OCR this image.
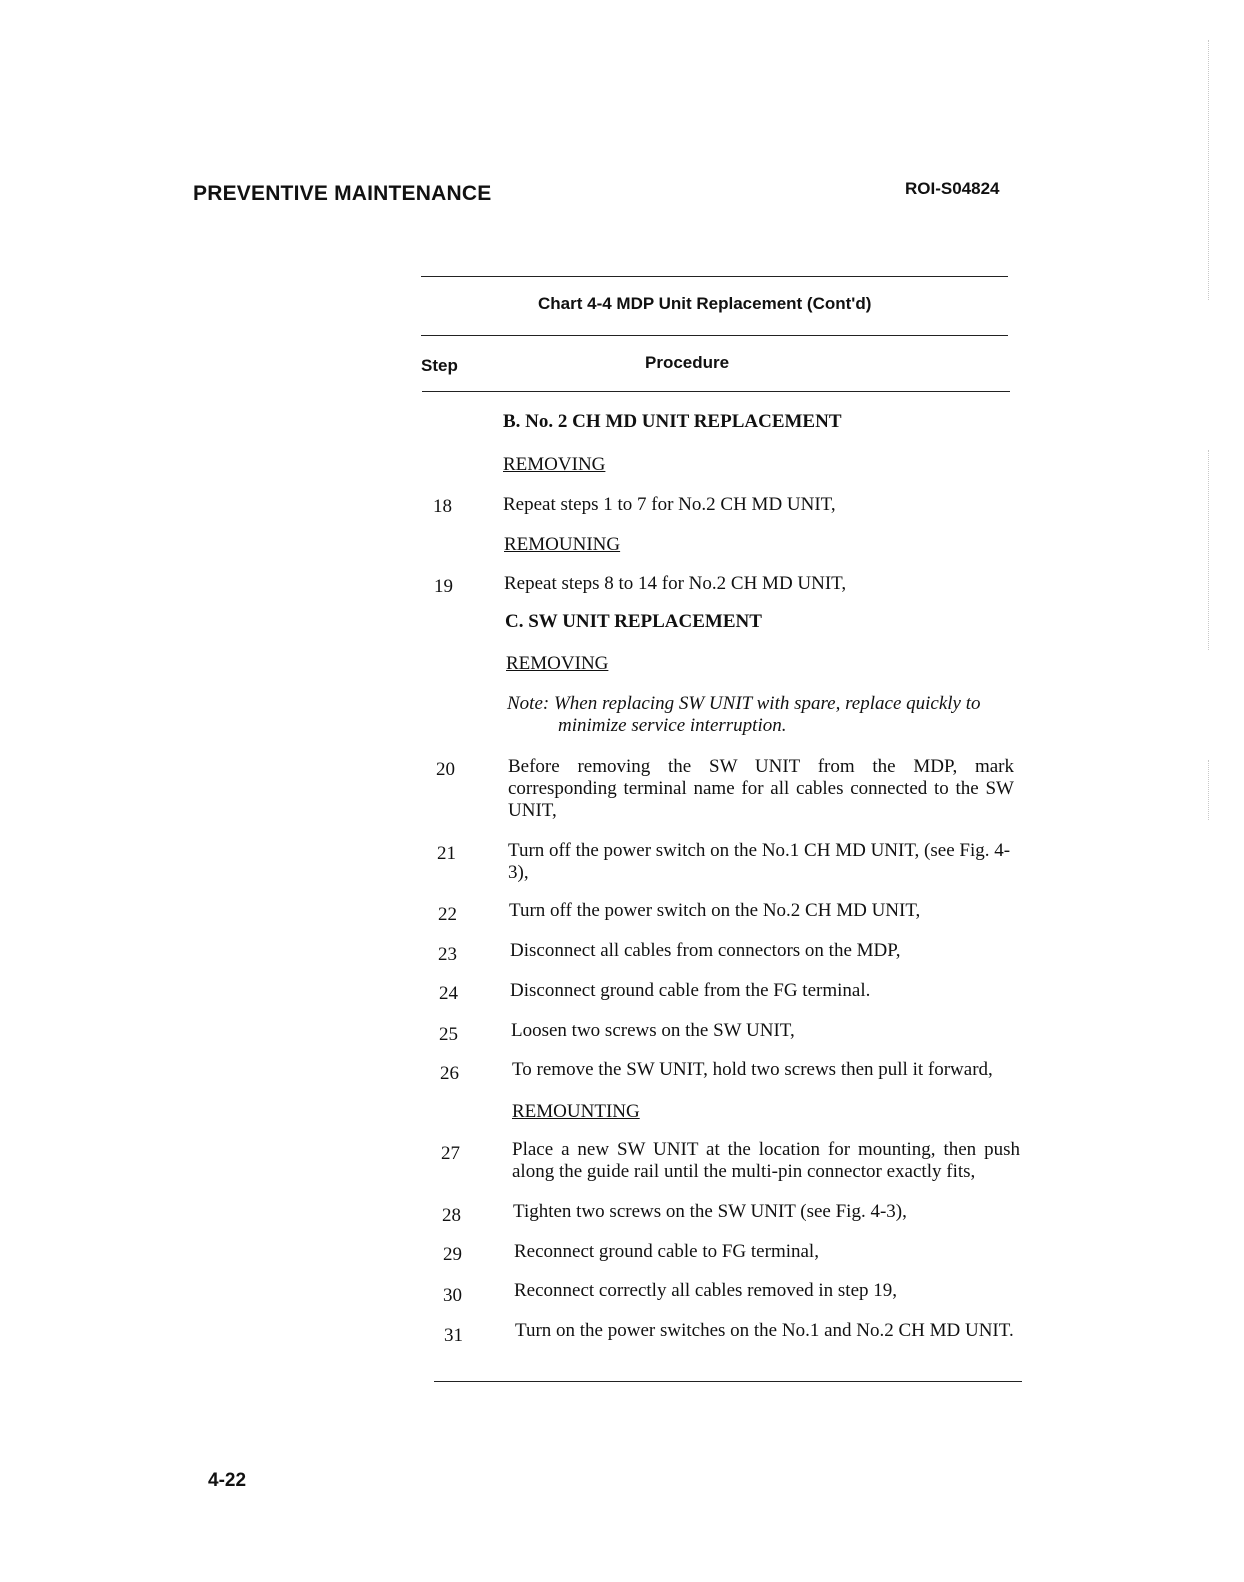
PREVENTIVE MAINTENANCE	ROI-S04824
Chart 4-4 MDP Unit Replacement (Cont'd)
Step	Procedure
B. No. 2 CH MD UNIT REPLACEMENT
REMOVING
18	Repeat steps 1 to 7 for No.2 CH MD UNIT,
REMOUNING
19	Repeat steps 8 to 14 for No.2 CH MD UNIT,
C. SW UNIT REPLACEMENT
REMOVING
Note: When replacing SW UNIT with spare, replace quickly to
minimize service interruption.
20	Before removing the SW UNIT from the MDP, mark corresponding terminal name for all cables connected to the SW UNIT,
21	Turn off the power switch on the No.1 CH MD UNIT, (see Fig. 4-3),
22	Turn off the power switch on the No.2 CH MD UNIT,
23	Disconnect all cables from connectors on the MDP,
24	Disconnect ground cable from the FG terminal.
25	Loosen two screws on the SW UNIT,
26	To remove the SW UNIT, hold two screws then pull it forward,
REMOUNTING
27	Place a new SW UNIT at the location for mounting, then push along the guide rail until the multi-pin connector exactly fits,
28	Tighten two screws on the SW UNIT (see Fig. 4-3),
29	Reconnect ground cable to FG terminal,
30	Reconnect correctly all cables removed in step 19,
31	Turn on the power switches on the No.1 and No.2 CH MD UNIT.
4-22
